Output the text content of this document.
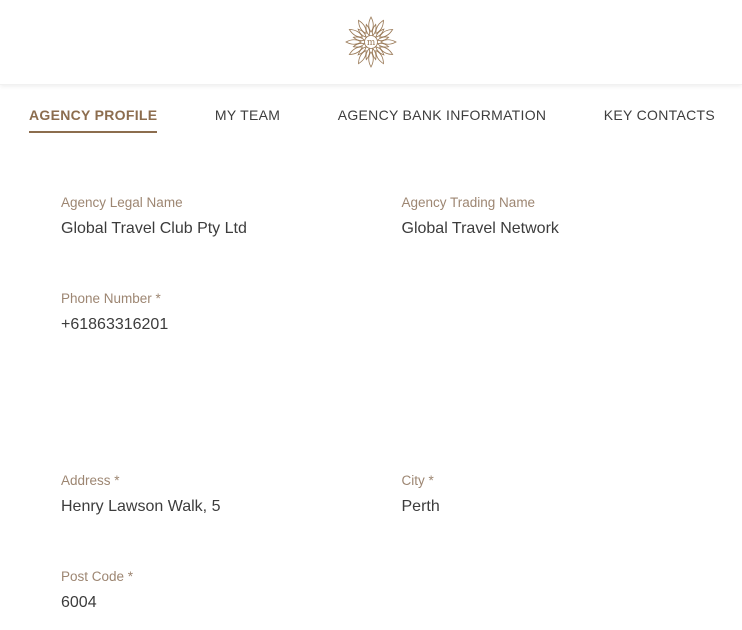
m
AGENCY PROFILE	MY TEAM	AGENCY BANK INFORMATION	KEY CONTACTS
Agency Legal Name
Global Travel Club Pty Ltd
Agency Trading Name
Global Travel Network
Phone Number *
+61863316201
Address *
Henry Lawson Walk, 5
City *
Perth
Post Code *
6004
